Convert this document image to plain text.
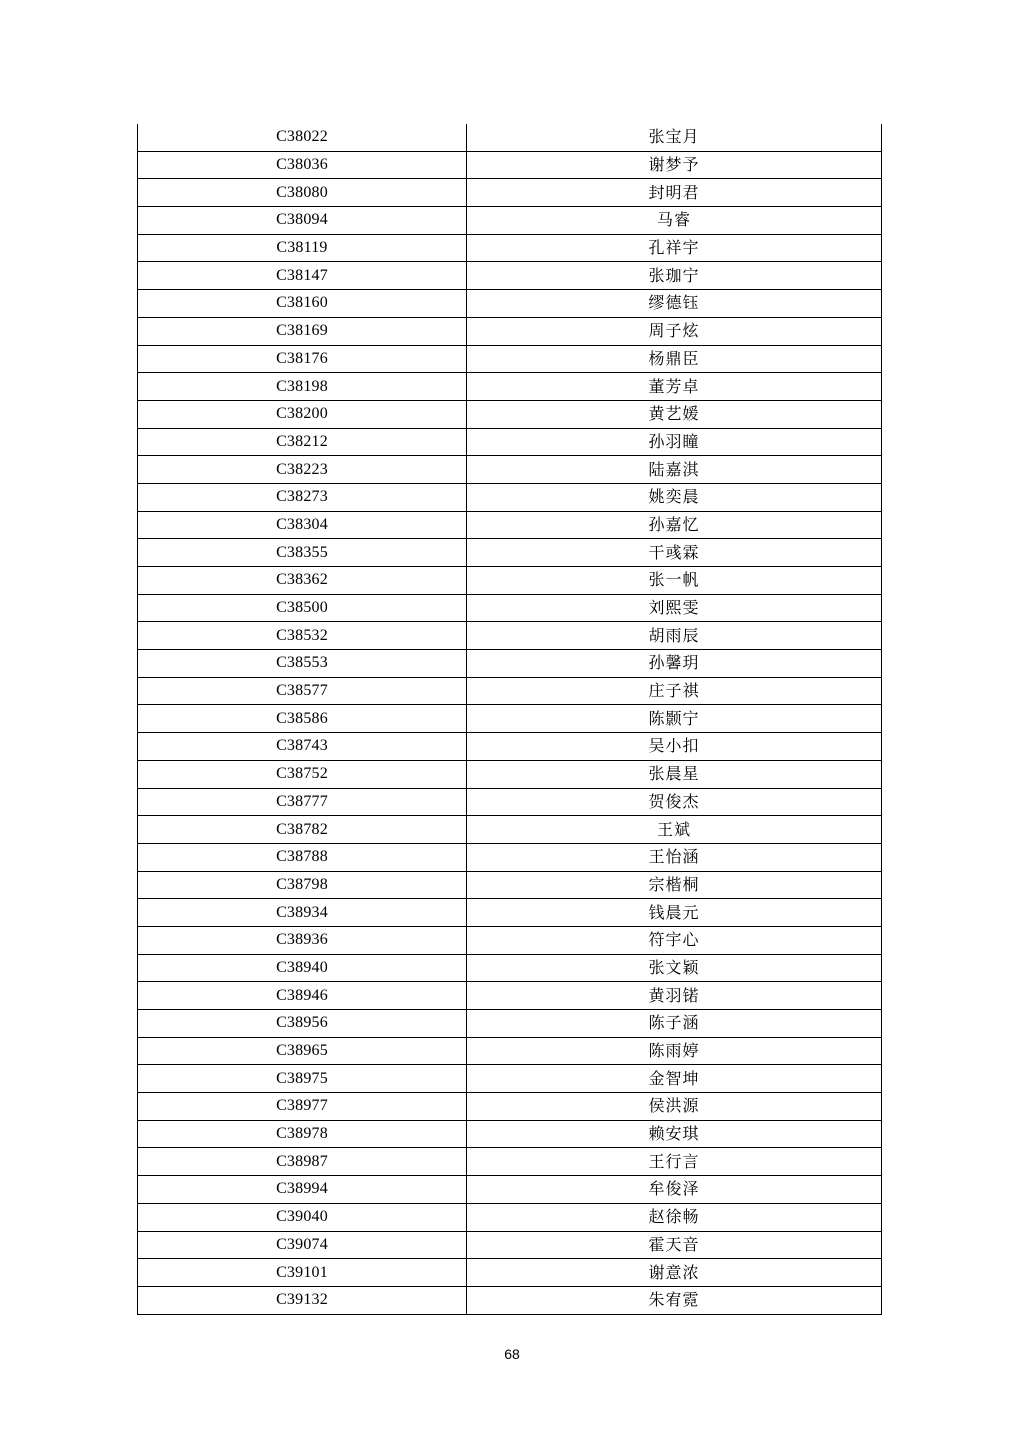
C38022	张宝月
C38036	谢梦予
C38080	封明君
C38094	马睿
C38119	孔祥宇
C38147	张珈宁
C38160	缪德钰
C38169	周子炫
C38176	杨鼎臣
C38198	董芳卓
C38200	黄艺媛
C38212	孙羽瞳
C38223	陆嘉淇
C38273	姚奕晨
C38304	孙嘉忆
C38355	干彧霖
C38362	张一帆
C38500	刘熙雯
C38532	胡雨辰
C38553	孙馨玥
C38577	庄子祺
C38586	陈颢宁
C38743	吴小扣
C38752	张晨星
C38777	贺俊杰
C38782	王斌
C38788	王怡涵
C38798	宗楷桐
C38934	钱晨元
C38936	符宇心
C38940	张文颖
C38946	黄羽锘
C38956	陈子涵
C38965	陈雨婷
C38975	金智坤
C38977	侯洪源
C38978	赖安琪
C38987	王行言
C38994	牟俊泽
C39040	赵徐畅
C39074	霍天音
C39101	谢意浓
C39132	朱宥霓
68
